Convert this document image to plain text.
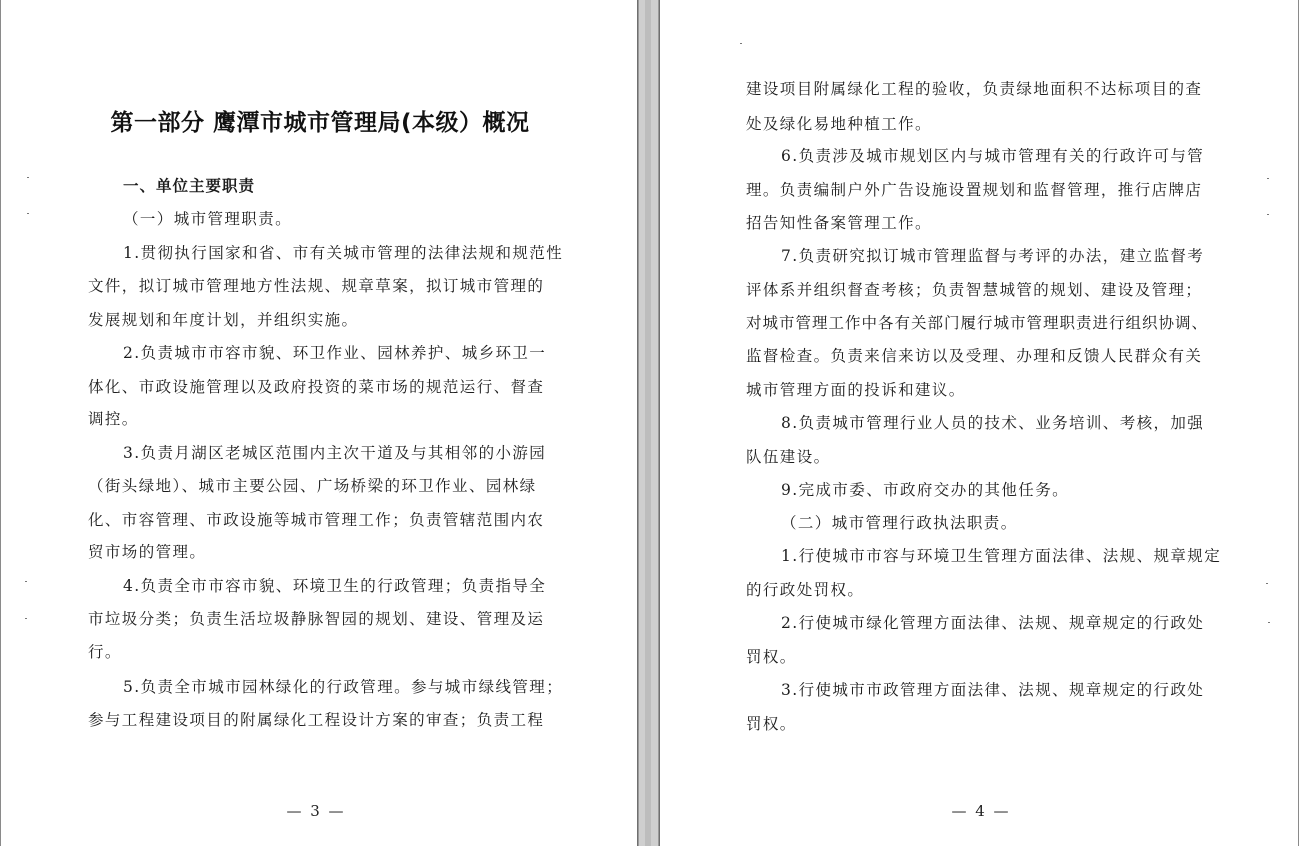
第一部分 鹰潭市城市管理局(本级）概况
一、单位主要职责
（一）城市管理职责。
1.贯彻执行国家和省、市有关城市管理的法律法规和规范性
文件，拟订城市管理地方性法规、规章草案，拟订城市管理的
发展规划和年度计划，并组织实施。
2.负责城市市容市貌、环卫作业、园林养护、城乡环卫一
体化、市政设施管理以及政府投资的菜市场的规范运行、督查
调控。
3.负责月湖区老城区范围内主次干道及与其相邻的小游园
（街头绿地）、城市主要公园、广场桥梁的环卫作业、园林绿
化、市容管理、市政设施等城市管理工作；负责管辖范围内农
贸市场的管理。
4.负责全市市容市貌、环境卫生的行政管理；负责指导全
市垃圾分类；负责生活垃圾静脉智园的规划、建设、管理及运
行。
5.负责全市城市园林绿化的行政管理。参与城市绿线管理；
参与工程建设项目的附属绿化工程设计方案的审查；负责工程
— 3 —
建设项目附属绿化工程的验收，负责绿地面积不达标项目的查
处及绿化易地种植工作。
6.负责涉及城市规划区内与城市管理有关的行政许可与管
理。负责编制户外广告设施设置规划和监督管理，推行店牌店
招告知性备案管理工作。
7.负责研究拟订城市管理监督与考评的办法，建立监督考
评体系并组织督查考核；负责智慧城管的规划、建设及管理；
对城市管理工作中各有关部门履行城市管理职责进行组织协调、
监督检查。负责来信来访以及受理、办理和反馈人民群众有关
城市管理方面的投诉和建议。
8.负责城市管理行业人员的技术、业务培训、考核，加强
队伍建设。
9.完成市委、市政府交办的其他任务。
（二）城市管理行政执法职责。
1.行使城市市容与环境卫生管理方面法律、法规、规章规定
的行政处罚权。
2.行使城市绿化管理方面法律、法规、规章规定的行政处
罚权。
3.行使城市市政管理方面法律、法规、规章规定的行政处
罚权。
— 4 —
